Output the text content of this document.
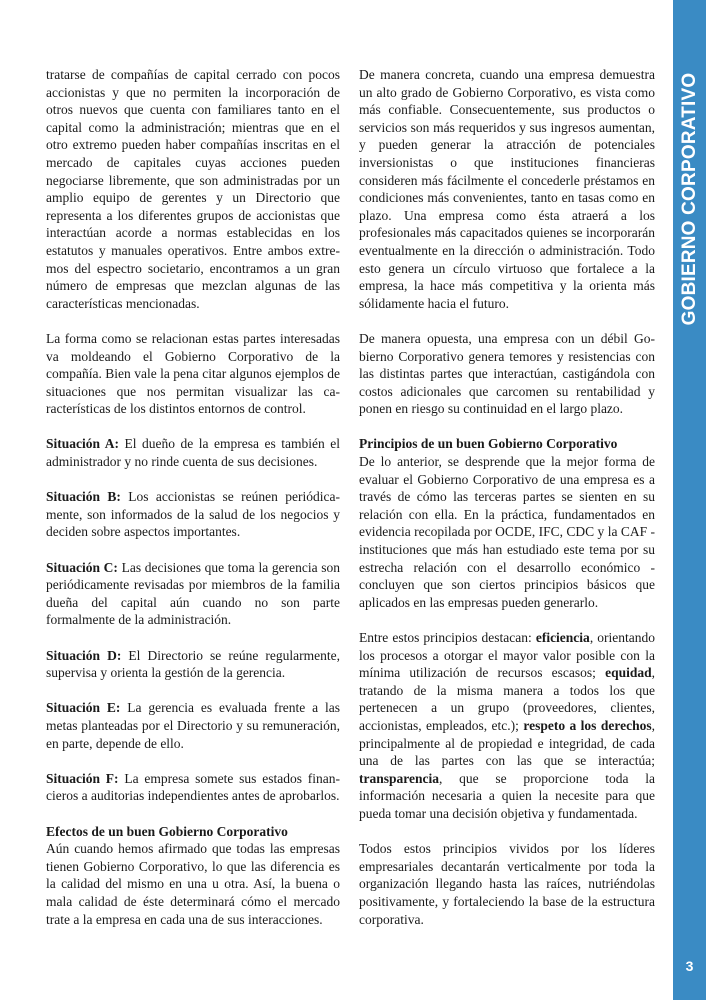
tratarse de compañías de capital cerrado con pocos accionistas y que no permiten la incorporación de otros nuevos que cuenta con familiares tanto en el capital como la administración; mientras que en el otro extremo pueden haber compañías inscritas en el mercado de capitales cuyas acciones pueden negociarse libremente, que son administradas por un amplio equipo de gerentes y un Directorio que representa a los diferentes grupos de accionistas que interactúan acorde a normas establecidas en los estatutos y manuales operativos. Entre ambos extremos del espectro societario, encontramos a un gran número de empresas que mezclan algunas de las características mencionadas.

La forma como se relacionan estas partes interesadas va moldeando el Gobierno Corporativo de la compañía. Bien vale la pena citar algunos ejemplos de situaciones que nos permitan visualizar las características de los distintos entornos de control.

Situación A: El dueño de la empresa es también el administrador y no rinde cuenta de sus decisiones.

Situación B: Los accionistas se reúnen periódicamente, son informados de la salud de los negocios y deciden sobre aspectos importantes.

Situación C: Las decisiones que toma la gerencia son periódicamente revisadas por miembros de la familia dueña del capital aún cuando no son parte formalmente de la administración.

Situación D: El Directorio se reúne regularmente, supervisa y orienta la gestión de la gerencia.

Situación E: La gerencia es evaluada frente a las metas planteadas por el Directorio y su remuneración, en parte, depende de ello.

Situación F: La empresa somete sus estados financieros a auditorias independientes antes de aprobarlos.

Efectos de un buen Gobierno Corporativo

Aún cuando hemos afirmado que todas las empresas tienen Gobierno Corporativo, lo que las diferencia es la calidad del mismo en una u otra. Así, la buena o mala calidad de éste determinará cómo el mercado trate a la empresa en cada una de sus interacciones.

De manera concreta, cuando una empresa demuestra un alto grado de Gobierno Corporativo, es vista como más confiable. Consecuentemente, sus productos o servicios son más requeridos y sus ingresos aumentan, y pueden generar la atracción de potenciales inversionistas o que instituciones financieras consideren más fácilmente el concederle préstamos en condiciones más convenientes, tanto en tasas como en plazo. Una empresa como ésta atraerá a los profesionales más capacitados quienes se incorporarán eventualmente en la dirección o administración. Todo esto genera un círculo virtuoso que fortalece a la empresa, la hace más competitiva y la orienta más sólidamente hacia el futuro.

De manera opuesta, una empresa con un débil Gobierno Corporativo genera temores y resistencias con las distintas partes que interactúan, castigándola con costos adicionales que carcomen su rentabilidad y ponen en riesgo su continuidad en el largo plazo.

Principios de un buen Gobierno Corporativo

De lo anterior, se desprende que la mejor forma de evaluar el Gobierno Corporativo de una empresa es a través de cómo las terceras partes se sienten en su relación con ella. En la práctica, fundamentados en evidencia recopilada por OCDE, IFC, CDC y la CAF - instituciones que más han estudiado este tema por su estrecha relación con el desarrollo económico - concluyen que son ciertos principios básicos que aplicados en las empresas pueden generarlo.

Entre estos principios destacan: eficiencia, orientando los procesos a otorgar el mayor valor posible con la mínima utilización de recursos escasos; equidad, tratando de la misma manera a todos los que pertenecen a un grupo (proveedores, clientes, accionistas, empleados, etc.); respeto a los derechos, principalmente al de propiedad e integridad, de cada una de las partes con las que se interactúa; transparencia, que se proporcione toda la información necesaria a quien la necesite para que pueda tomar una decisión objetiva y fundamentada.

Todos estos principios vividos por los líderes empresariales decantarán verticalmente por toda la organización llegando hasta las raíces, nutriéndolas positivamente, y fortaleciendo la base de la estructura corporativa.

GOBIERNO CORPORATIVO
3
